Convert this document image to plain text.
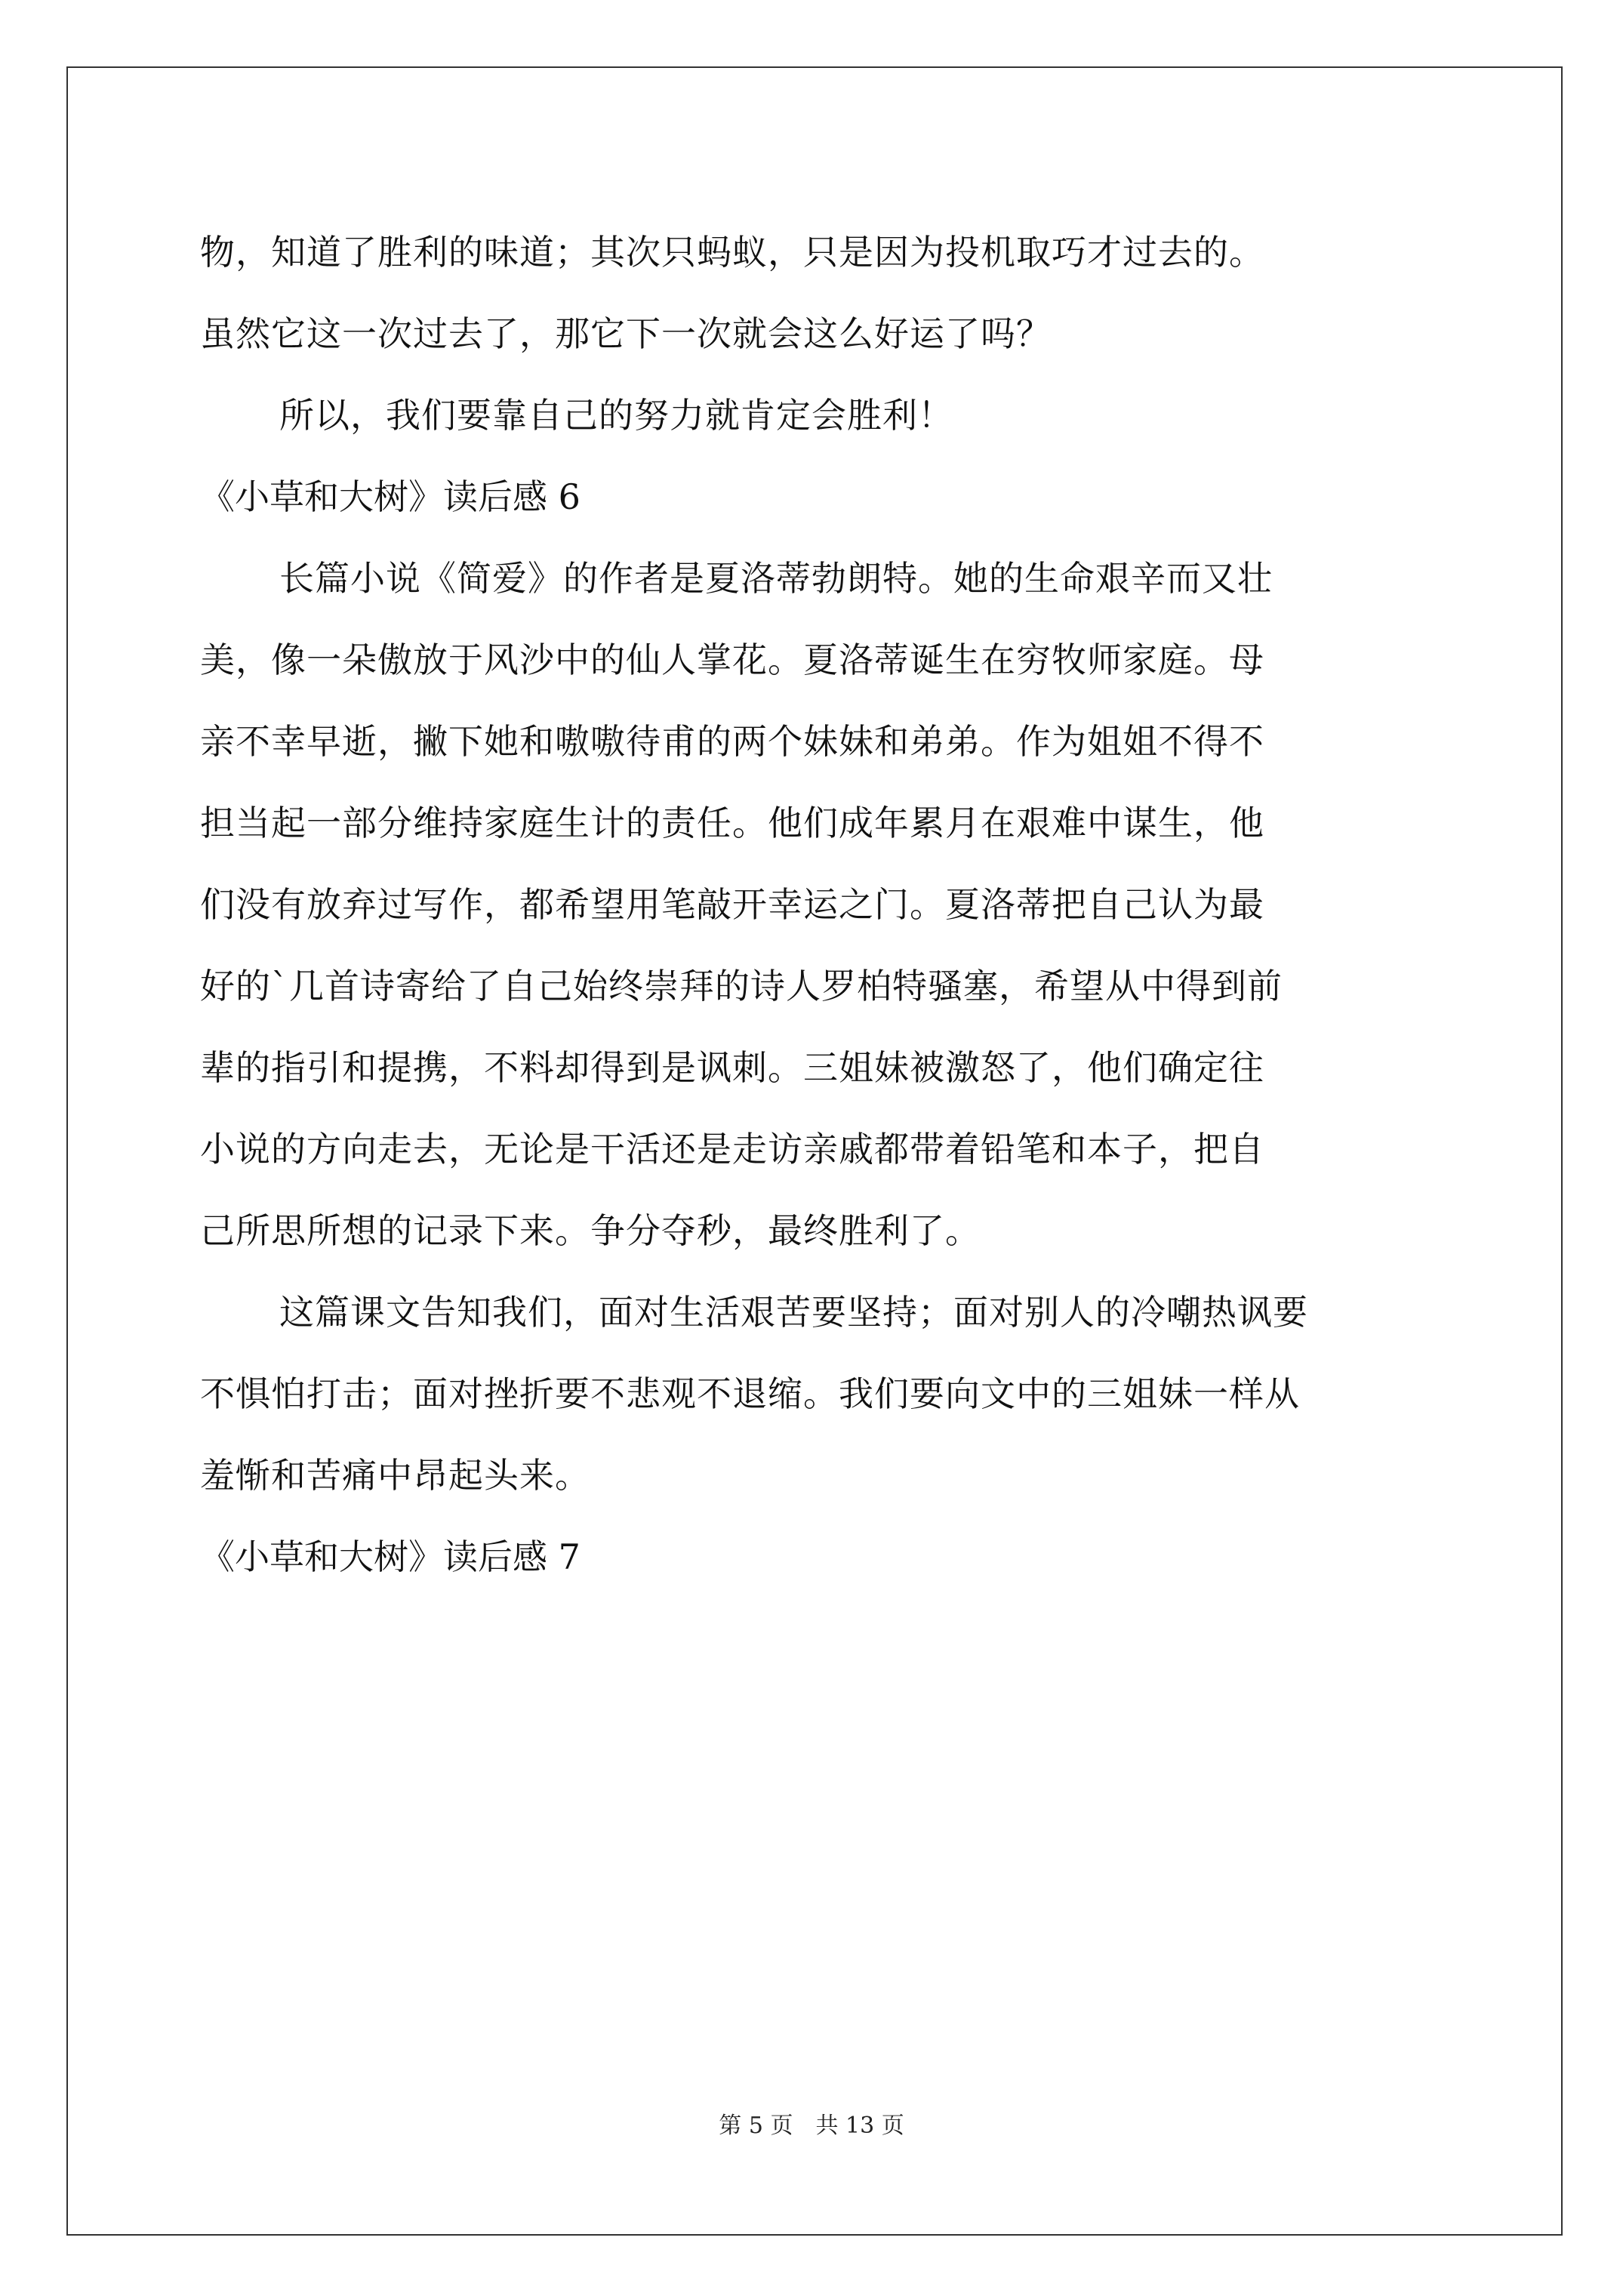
物，知道了胜利的味道；其次只蚂蚁，只是因为投机取巧才过去的。
虽然它这一次过去了，那它下一次就会这么好运了吗？
所以，我们要靠自己的努力就肯定会胜利！
《小草和大树》读后感 6
长篇小说《简爱》的作者是夏洛蒂勃朗特。她的生命艰辛而又壮
美，像一朵傲放于风沙中的仙人掌花。夏洛蒂诞生在穷牧师家庭。母
亲不幸早逝，撇下她和嗷嗷待甫的两个妹妹和弟弟。作为姐姐不得不
担当起一部分维持家庭生计的责任。他们成年累月在艰难中谋生，他
们没有放弃过写作，都希望用笔敲开幸运之门。夏洛蒂把自己认为最
好的`几首诗寄给了自己始终崇拜的诗人罗柏特骚塞，希望从中得到前
辈的指引和提携，不料却得到是讽刺。三姐妹被激怒了，他们确定往
小说的方向走去，无论是干活还是走访亲戚都带着铅笔和本子，把自
己所思所想的记录下来。争分夺秒，最终胜利了。
这篇课文告知我们，面对生活艰苦要坚持；面对别人的冷嘲热讽要
不惧怕打击；面对挫折要不悲观不退缩。我们要向文中的三姐妹一样从
羞惭和苦痛中昂起头来。
《小草和大树》读后感 7
第 5 页　共 13 页
